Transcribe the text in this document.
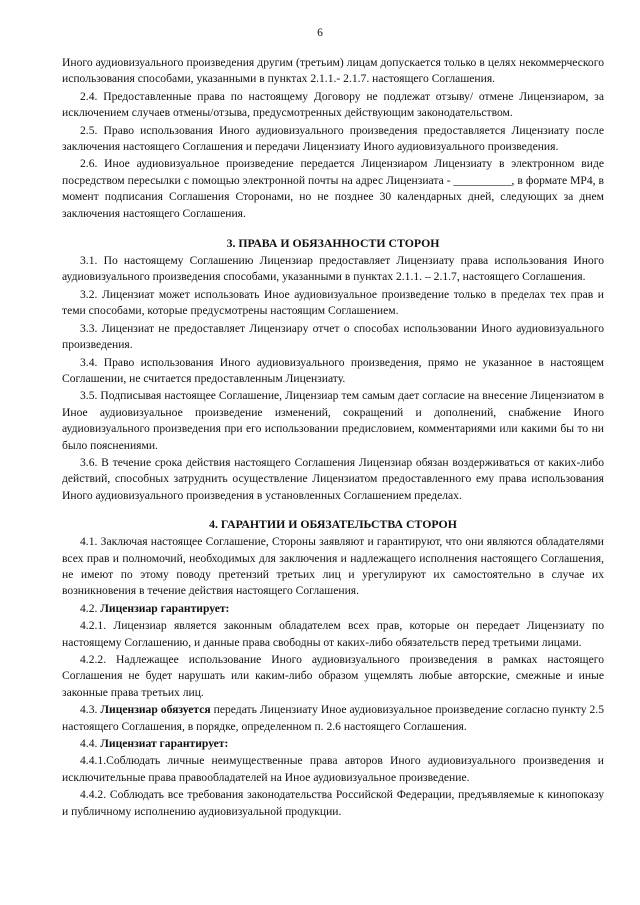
6

Иного аудиовизуального произведения другим (третьим) лицам допускается только в целях некоммерческого использования способами, указанными в пунктах 2.1.1.- 2.1.7. настоящего Соглашения.

2.4. Предоставленные права по настоящему Договору не подлежат отзыву/ отмене Лицензиаром, за исключением случаев отмены/отзыва, предусмотренных действующим законодательством.

2.5. Право использования Иного аудиовизуального произведения предоставляется Лицензиату после заключения настоящего Соглашения и передачи Лицензиату Иного аудиовизуального произведения.

2.6. Иное аудиовизуальное произведение передается Лицензиаром Лицензиату в электронном виде посредством пересылки с помощью электронной почты на адрес Лицензиата - __________, в формате MP4, в момент подписания Соглашения Сторонами, но не позднее 30 календарных дней, следующих за днем заключения настоящего Соглашения.

3. ПРАВА И ОБЯЗАННОСТИ СТОРОН

3.1. По настоящему Соглашению Лицензиар предоставляет Лицензиату права использования Иного аудиовизуального произведения способами, указанными в пунктах 2.1.1. – 2.1.7, настоящего Соглашения.

3.2. Лицензиат может использовать Иное аудиовизуальное произведение только в пределах тех прав и теми способами, которые предусмотрены настоящим Соглашением.

3.3. Лицензиат не предоставляет Лицензиару отчет о способах использовании Иного аудиовизуального произведения.

3.4. Право использования Иного аудиовизуального произведения, прямо не указанное в настоящем Соглашении, не считается предоставленным Лицензиату.

3.5. Подписывая настоящее Соглашение, Лицензиар тем самым дает согласие на внесение Лицензиатом в Иное аудиовизуальное произведение изменений, сокращений и дополнений, снабжение Иного аудиовизуального произведения при его использовании предисловием, комментариями или какими бы то ни было пояснениями.

3.6. В течение срока действия настоящего Соглашения Лицензиар обязан воздерживаться от каких-либо действий, способных затруднить осуществление Лицензиатом предоставленного ему права использования Иного аудиовизуального произведения в установленных Соглашением пределах.

4. ГАРАНТИИ И ОБЯЗАТЕЛЬСТВА СТОРОН

4.1. Заключая настоящее Соглашение, Стороны заявляют и гарантируют, что они являются обладателями всех прав и полномочий, необходимых для заключения и надлежащего исполнения настоящего Соглашения, не имеют по этому поводу претензий третьих лиц и урегулируют их самостоятельно в случае их возникновения в течение действия настоящего Соглашения.

4.2. Лицензиар гарантирует:

4.2.1. Лицензиар является законным обладателем всех прав, которые он передает Лицензиату по настоящему Соглашению, и данные права свободны от каких-либо обязательств перед третьими лицами.

4.2.2. Надлежащее использование Иного аудиовизуального произведения в рамках настоящего Соглашения не будет нарушать или каким-либо образом ущемлять любые авторские, смежные и иные законные права третьих лиц.

4.3. Лицензиар обязуется передать Лицензиату Иное аудиовизуальное произведение согласно пункту 2.5 настоящего Соглашения, в порядке, определенном п. 2.6 настоящего Соглашения.

4.4. Лицензиат гарантирует:

4.4.1.Соблюдать личные неимущественные права авторов Иного аудиовизуального произведения и исключительные права правообладателей на Иное аудиовизуальное произведение.

4.4.2. Соблюдать все требования законодательства Российской Федерации, предъявляемые к кинопоказу и публичному исполнению аудиовизуальной продукции.
